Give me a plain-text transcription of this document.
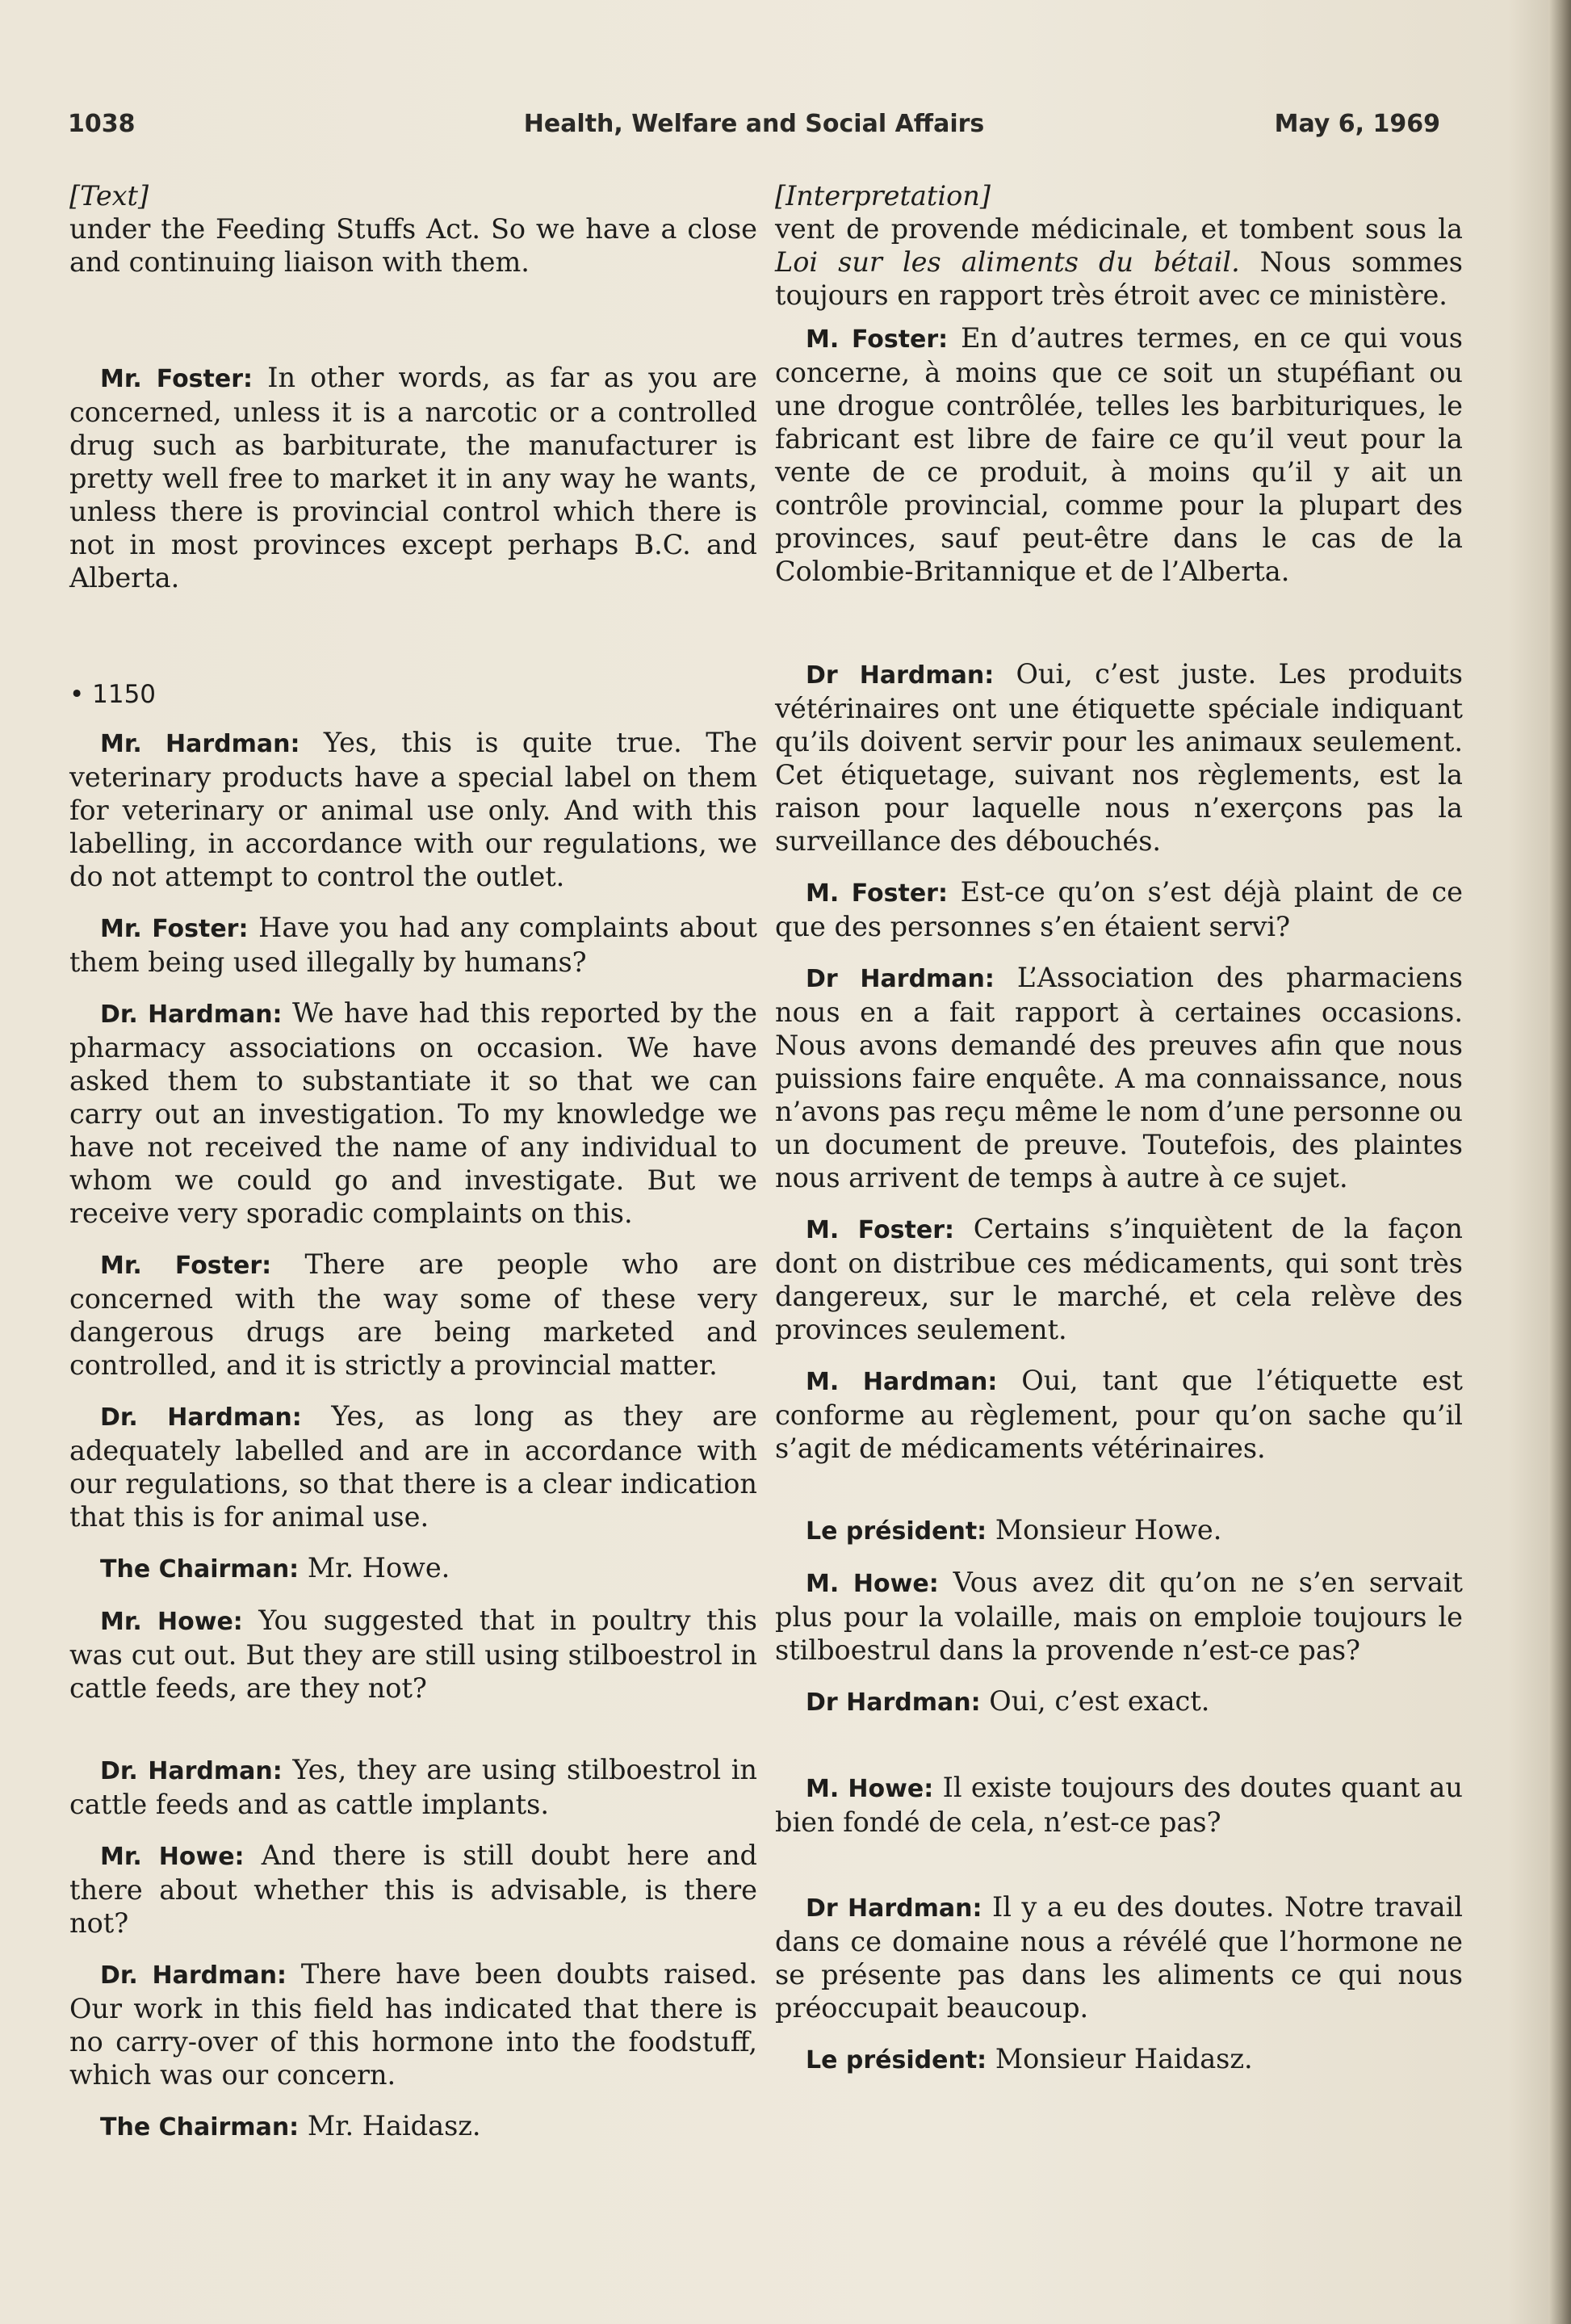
1038	Health, Welfare and Social Affairs	May 6, 1969
[Text]

under the Feeding Stuffs Act. So we have a close and continuing liaison with them.

Mr. Foster: In other words, as far as you are concerned, unless it is a narcotic or a controlled drug such as barbiturate, the manufacturer is pretty well free to market it in any way he wants, unless there is provincial control which there is not in most provinces except perhaps B.C. and Alberta.

• 1150

Mr. Hardman: Yes, this is quite true. The veterinary products have a special label on them for veterinary or animal use only. And with this labelling, in accordance with our regulations, we do not attempt to control the outlet.

Mr. Foster: Have you had any complaints about them being used illegally by humans?

Dr. Hardman: We have had this reported by the pharmacy associations on occasion. We have asked them to substantiate it so that we can carry out an investigation. To my knowledge we have not received the name of any individual to whom we could go and investigate. But we receive very sporadic complaints on this.

Mr. Foster: There are people who are concerned with the way some of these very dangerous drugs are being marketed and controlled, and it is strictly a provincial matter.

Dr. Hardman: Yes, as long as they are adequately labelled and are in accordance with our regulations, so that there is a clear indication that this is for animal use.

The Chairman: Mr. Howe.

Mr. Howe: You suggested that in poultry this was cut out. But they are still using stilboestrol in cattle feeds, are they not?

Dr. Hardman: Yes, they are using stilboestrol in cattle feeds and as cattle implants.

Mr. Howe: And there is still doubt here and there about whether this is advisable, is there not?

Dr. Hardman: There have been doubts raised. Our work in this field has indicated that there is no carry-over of this hormone into the foodstuff, which was our concern.

The Chairman: Mr. Haidasz.

[Interpretation]

vent de provende médicinale, et tombent sous la Loi sur les aliments du bétail. Nous sommes toujours en rapport très étroit avec ce ministère.

M. Foster: En d’autres termes, en ce qui vous concerne, à moins que ce soit un stupéfiant ou une drogue contrôlée, telles les barbituriques, le fabricant est libre de faire ce qu’il veut pour la vente de ce produit, à moins qu’il y ait un contrôle provincial, comme pour la plupart des provinces, sauf peut-être dans le cas de la Colombie-Britannique et de l’Alberta.

Dr Hardman: Oui, c’est juste. Les produits vétérinaires ont une étiquette spéciale indiquant qu’ils doivent servir pour les animaux seulement. Cet étiquetage, suivant nos règlements, est la raison pour laquelle nous n’exerçons pas la surveillance des débouchés.

M. Foster: Est-ce qu’on s’est déjà plaint de ce que des personnes s’en étaient servi?

Dr Hardman: L’Association des pharmaciens nous en a fait rapport à certaines occasions. Nous avons demandé des preuves afin que nous puissions faire enquête. A ma connaissance, nous n’avons pas reçu même le nom d’une personne ou un document de preuve. Toutefois, des plaintes nous arrivent de temps à autre à ce sujet.

M. Foster: Certains s’inquiètent de la façon dont on distribue ces médicaments, qui sont très dangereux, sur le marché, et cela relève des provinces seulement.

M. Hardman: Oui, tant que l’étiquette est conforme au règlement, pour qu’on sache qu’il s’agit de médicaments vétérinaires.

Le président: Monsieur Howe.

M. Howe: Vous avez dit qu’on ne s’en servait plus pour la volaille, mais on emploie toujours le stilboestrul dans la provende n’est-ce pas?

Dr Hardman: Oui, c’est exact.

M. Howe: Il existe toujours des doutes quant au bien fondé de cela, n’est-ce pas?

Dr Hardman: Il y a eu des doutes. Notre travail dans ce domaine nous a révélé que l’hormone ne se présente pas dans les aliments ce qui nous préoccupait beaucoup.

Le président: Monsieur Haidasz.
